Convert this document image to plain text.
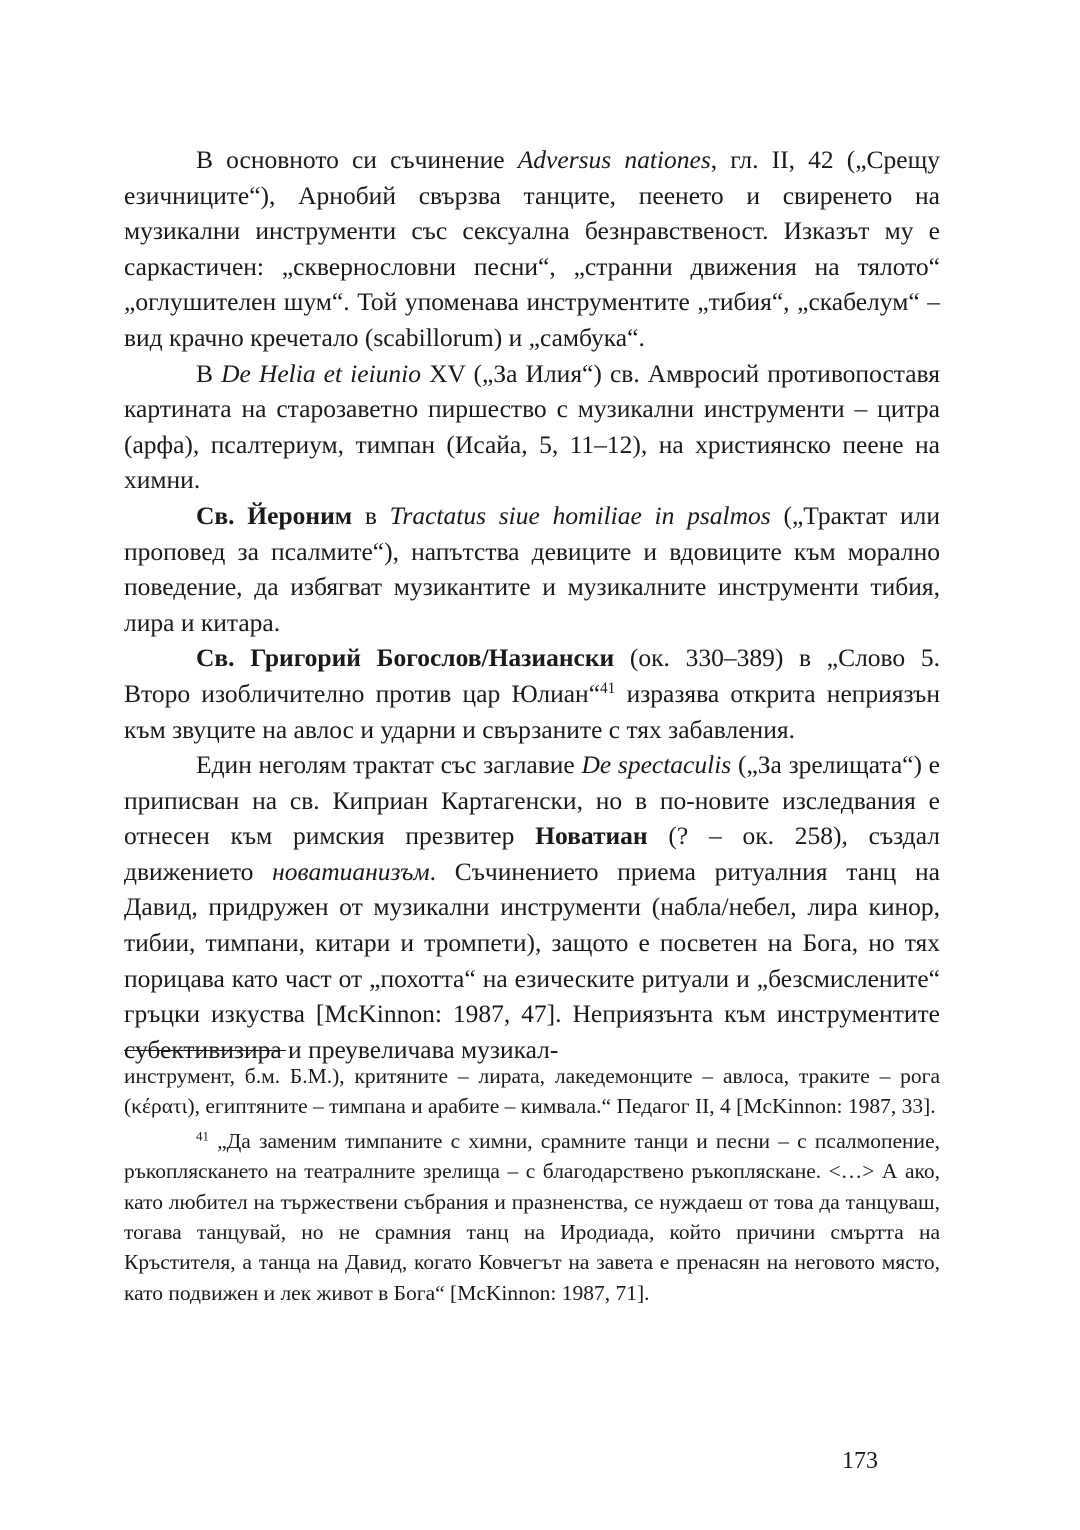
В основното си съчинение Adversus nationes, гл. II, 42 („Срещу езичниците“), Арнобий свързва танците, пеенето и свиренето на музикални инструменти със сексуална безнравственост. Изказът му е саркастичен: „сквернословни песни“, „странни движения на тялото“ „оглушителен шум“. Той упоменава инструментите „тибия“, „скабелум“ – вид крачно кречетало (scabillorum) и „самбука“.

В De Helia et ieiunio XV („За Илия“) св. Амвросий противопоставя картината на старозаветно пиршество с музикални инструменти – цитра (арфа), псалтериум, тимпан (Исайа, 5, 11–12), на християнско пеене на химни.

Св. Йероним в Tractatus siue homiliae in psalmos („Трактат или проповед за псалмите“), напътства девиците и вдовиците към морално поведение, да избягват музикантите и музикалните инструменти тибия, лира и китара.

Св. Григорий Богослов/Назиански (ок. 330–389) в „Слово 5. Второ изобличително против цар Юлиан“$^{41}$ изразява открита неприязън към звуците на авлос и ударни и свързаните с тях забавления.

Един неголям трактат със заглавие De spectaculis („За зрелищата“) е приписван на св. Киприан Картагенски, но в по-новите изследвания е отнесен към римския презвитер Новатиан (? – ок. 258), създал движението новатианизъм. Съчинението приема ритуалния танц на Давид, придружен от музикални инструменти (набла/небел, лира кинор, тибии, тимпани, китари и тромпети), защото е посветен на Бога, но тях порицава като част от „похотта“ на езическите ритуали и „безсмислените“ гръцки изкуства [McKinnon: 1987, 47]. Неприязънта към инструментите субективизира и преувеличава музикал-

инструмент, б.м. Б.М.), критяните – лирата, лакедемонците – авлоса, траките – рога (κέρατι), египтяните – тимпана и арабите – кимвала.“ Педагог II, 4 [McKinnon: 1987, 33].

$^{41}$ „Да заменим тимпаните с химни, срамните танци и песни – с псалмопение, ръкопляскането на театралните зрелища – с благодарствено ръкопляскане. <…> А ако, като любител на тържествени събрания и празненства, се нуждаеш от това да танцуваш, тогава танцувай, но не срамния танц на Иродиада, който причини смъртта на Кръстителя, а танца на Давид, когато Ковчегът на завета е пренасян на неговото място, като подвижен и лек живот в Бога“ [McKinnon: 1987, 71].

173
